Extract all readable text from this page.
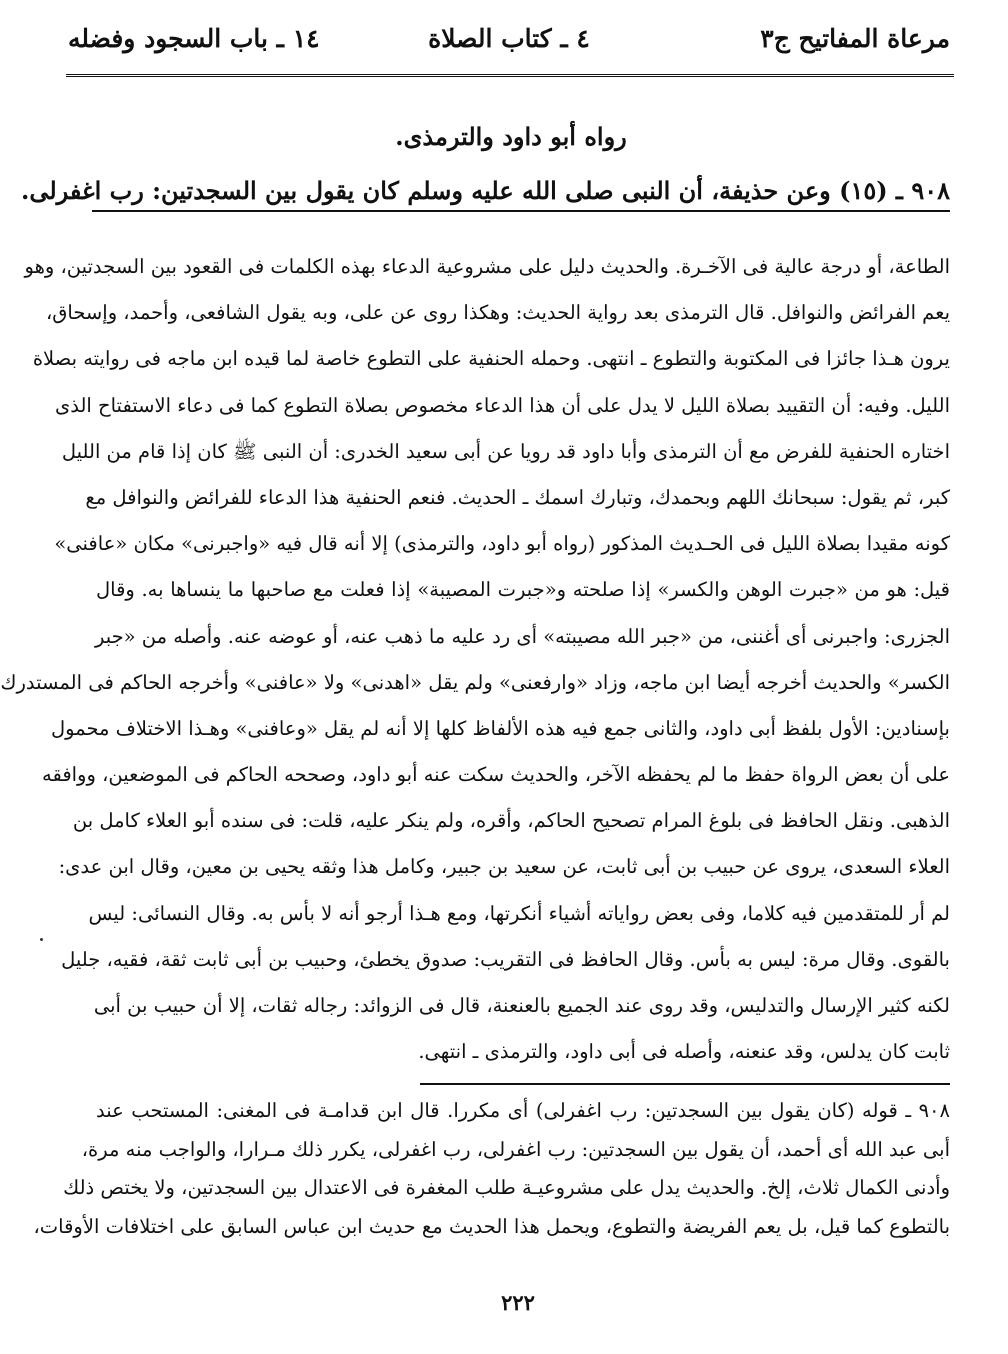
مرعاة المفاتيح ج٣
٤ ـ كتاب الصلاة
١٤ ـ باب السجود وفضله
رواه أبو داود والترمذى.
٩٠٨ ـ (١٥) وعن حذيفة، أن النبى صلى الله عليه وسلم كان يقول بين السجدتين: رب اغفرلى.
الطاعة، أو درجة عالية فى الآخـرة. والحديث دليل على مشروعية الدعاء بهذه الكلمات فى القعود بين السجدتين، وهو
يعم الفرائض والنوافل. قال الترمذى بعد رواية الحديث: وهكذا روى عن على، وبه يقول الشافعى، وأحمد، وإسحاق،
يرون هـذا جائزا فى المكتوبة والتطوع ـ انتهى. وحمله الحنفية على التطوع خاصة لما قيده ابن ماجه فى روايته بصلاة
الليل. وفيه: أن التقييد بصلاة الليل لا يدل على أن هذا الدعاء مخصوص بصلاة التطوع كما فى دعاء الاستفتاح الذى
اختاره الحنفية للفرض مع أن الترمذى وأبا داود قد رويا عن أبى سعيد الخدرى: أن النبى ﷺ كان إذا قام من الليل
كبر، ثم يقول: سبحانك اللهم وبحمدك، وتبارك اسمك ـ الحديث. فنعم الحنفية هذا الدعاء للفرائض والنوافل مع
كونه مقيدا بصلاة الليل فى الحـديث المذكور (رواه أبو داود، والترمذى) إلا أنه قال فيه «واجبرنى» مكان «عافنى»
قيل: هو من «جبرت الوهن والكسر» إذا صلحته و«جبرت المصيبة» إذا فعلت مع صاحبها ما ينساها به. وقال
الجزرى: واجبرنى أى أغننى، من «جبر الله مصيبته» أى رد عليه ما ذهب عنه، أو عوضه عنه. وأصله من «جبر
الكسر» والحديث أخرجه أيضا ابن ماجه، وزاد «وارفعنى» ولم يقل «اهدنى» ولا «عافنى» وأخرجه الحاكم فى المستدرك
بإسنادين: الأول بلفظ أبى داود، والثانى جمع فيه هذه الألفاظ كلها إلا أنه لم يقل «وعافنى» وهـذا الاختلاف محمول
على أن بعض الرواة حفظ ما لم يحفظه الآخر، والحديث سكت عنه أبو داود، وصححه الحاكم فى الموضعين، ووافقه
الذهبى. ونقل الحافظ فى بلوغ المرام تصحيح الحاكم، وأقره، ولم ينكر عليه، قلت: فى سنده أبو العلاء كامل بن
العلاء السعدى، يروى عن حبيب بن أبى ثابت، عن سعيد بن جبير، وكامل هذا وثقه يحيى بن معين، وقال ابن عدى:
لم أر للمتقدمين فيه كلاما، وفى بعض رواياته أشياء أنكرتها، ومع هـذا أرجو أنه لا بأس به. وقال النسائى: ليس
بالقوى. وقال مرة: ليس به بأس. وقال الحافظ فى التقريب: صدوق يخطئ، وحبيب بن أبى ثابت ثقة، فقيه، جليل
لكنه كثير الإرسال والتدليس، وقد روى عند الجميع بالعنعنة، قال فى الزوائد: رجاله ثقات، إلا أن حبيب بن أبى
ثابت كان يدلس، وقد عنعنه، وأصله فى أبى داود، والترمذى ـ انتهى.
٩٠٨ ـ قوله (كان يقول بين السجدتين: رب اغفرلى) أى مكررا. قال ابن قدامـة فى المغنى: المستحب عند
أبى عبد الله أى أحمد، أن يقول بين السجدتين: رب اغفرلى، رب اغفرلى، يكرر ذلك مـرارا، والواجب منه مرة،
وأدنى الكمال ثلاث، إلخ. والحديث يدل على مشروعيـة طلب المغفرة فى الاعتدال بين السجدتين، ولا يختص ذلك
بالتطوع كما قيل، بل يعم الفريضة والتطوع، ويحمل هذا الحديث مع حديث ابن عباس السابق على اختلافات الأوقات،
٢٢٢
